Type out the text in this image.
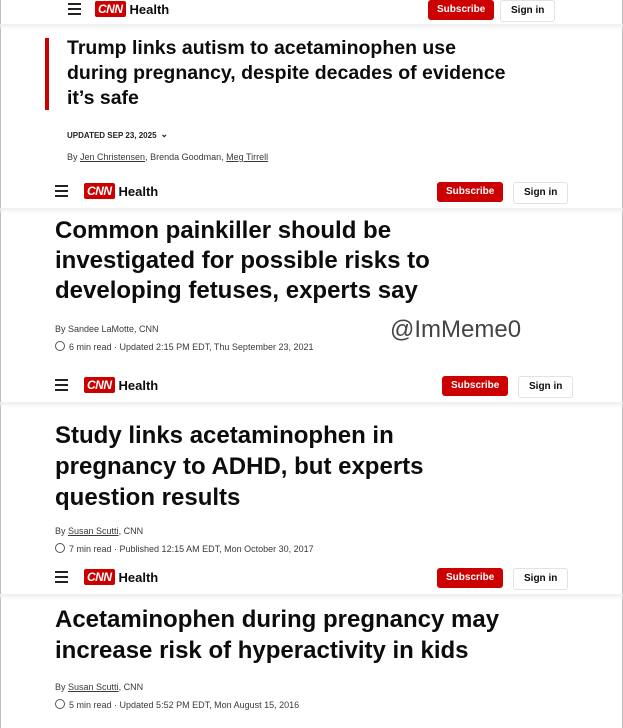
CNN Health	Subscribe	Sign in
Trump links autism to acetaminophen use
during pregnancy, despite decades of evidence
it’s safe
UPDATED SEP 23, 2025 ⌄
By Jen Christensen, Brenda Goodman, Meg Tirrell
CNN Health	Subscribe	Sign in
Common painkiller should be
investigated for possible risks to
developing fetuses, experts say
By Sandee LaMotte, CNN
6 min read · Updated 2:15 PM EDT, Thu September 23, 2021
@ImMeme0
CNN Health	Subscribe	Sign in
Study links acetaminophen in
pregnancy to ADHD, but experts
question results
By Susan Scutti, CNN
7 min read · Published 12:15 AM EDT, Mon October 30, 2017
CNN Health	Subscribe	Sign in
Acetaminophen during pregnancy may
increase risk of hyperactivity in kids
By Susan Scutti, CNN
5 min read · Updated 5:52 PM EDT, Mon August 15, 2016
